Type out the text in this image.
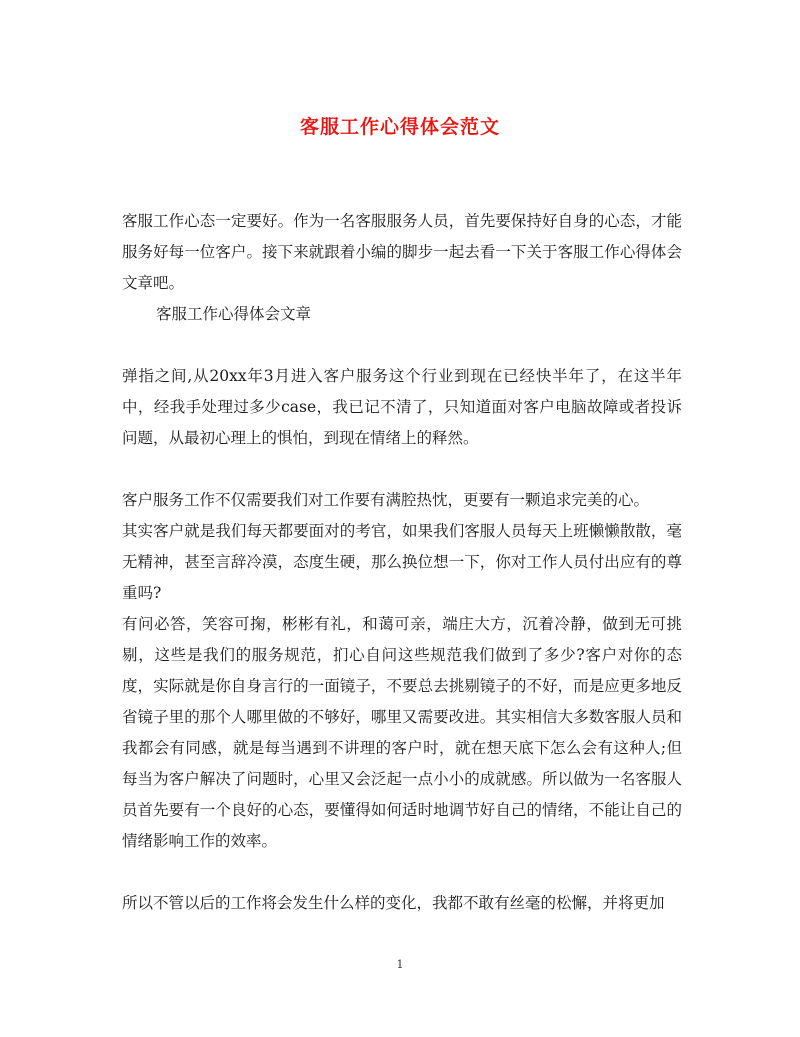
客服工作心得体会范文

客服工作心态一定要好。作为一名客服服务人员，首先要保持好自身的心态，才能服务好每一位客户。接下来就跟着小编的脚步一起去看一下关于客服工作心得体会文章吧。

客服工作心得体会文章

弹指之间,从20xx年3月进入客户服务这个行业到现在已经快半年了，在这半年中，经我手处理过多少case，我已记不清了，只知道面对客户电脑故障或者投诉问题，从最初心理上的惧怕，到现在情绪上的释然。

客户服务工作不仅需要我们对工作要有满腔热忱，更要有一颗追求完美的心。

其实客户就是我们每天都要面对的考官，如果我们客服人员每天上班懒懒散散，毫无精神，甚至言辞冷漠，态度生硬，那么换位想一下，你对工作人员付出应有的尊重吗?

有问必答，笑容可掬，彬彬有礼，和蔼可亲，端庄大方，沉着冷静，做到无可挑剔，这些是我们的服务规范，扪心自问这些规范我们做到了多少?客户对你的态度，实际就是你自身言行的一面镜子，不要总去挑剔镜子的不好，而是应更多地反省镜子里的那个人哪里做的不够好，哪里又需要改进。其实相信大多数客服人员和我都会有同感，就是每当遇到不讲理的客户时，就在想天底下怎么会有这种人;但每当为客户解决了问题时，心里又会泛起一点小小的成就感。所以做为一名客服人员首先要有一个良好的心态，要懂得如何适时地调节好自己的情绪，不能让自己的情绪影响工作的效率。

所以不管以后的工作将会发生什么样的变化，我都不敢有丝毫的松懈，并将更加

1
